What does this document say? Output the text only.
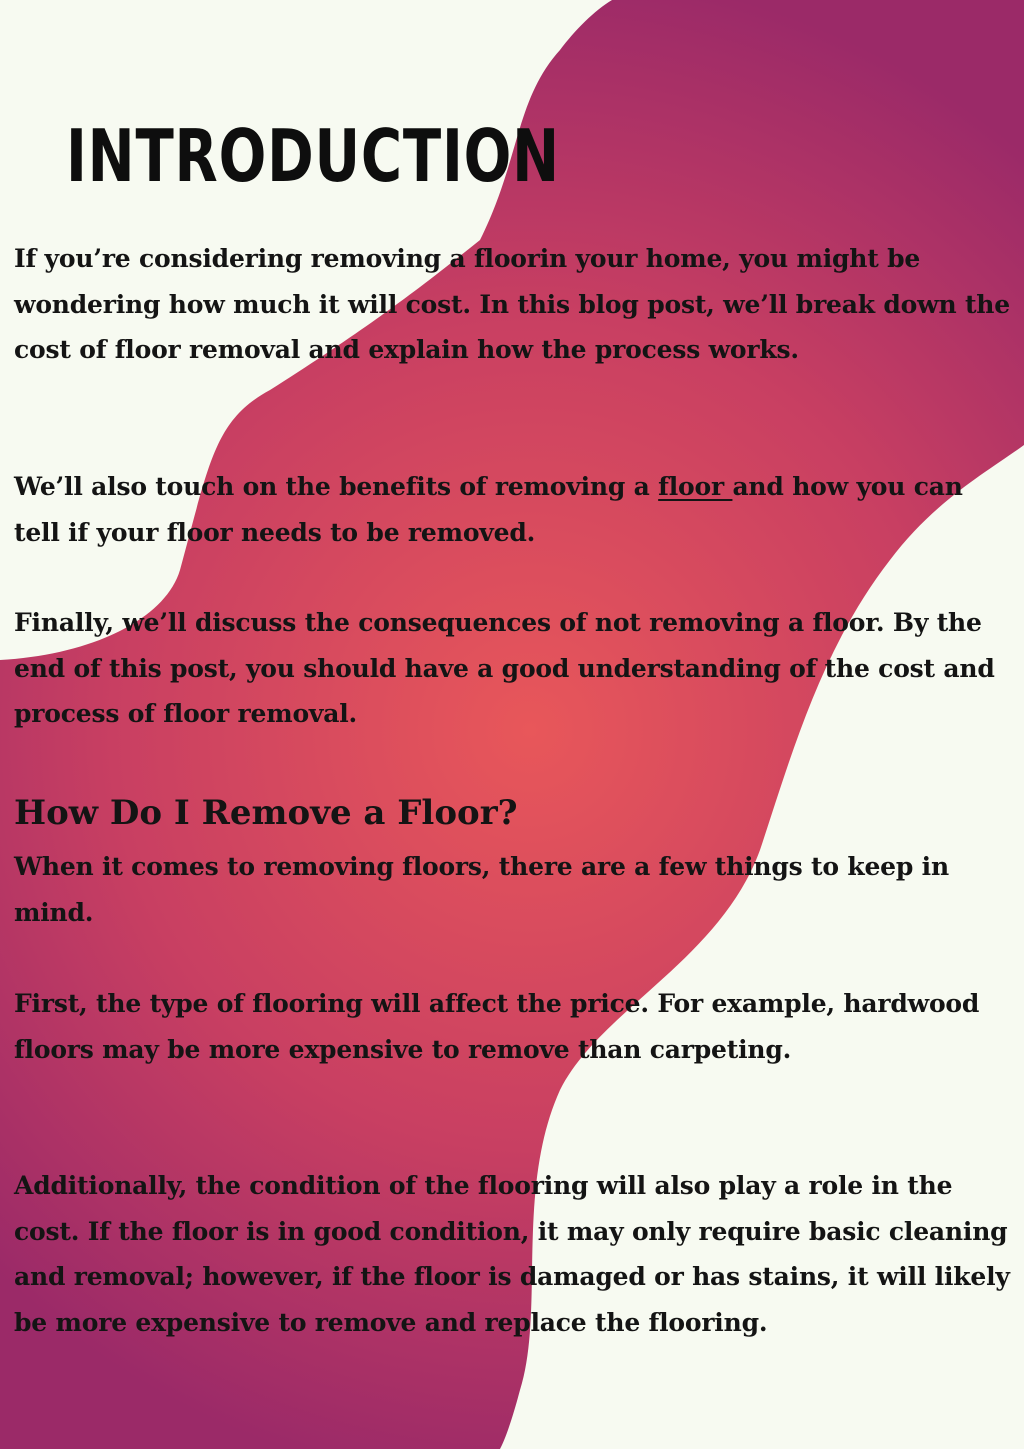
INTRODUCTION

If you’re considering removing a floorin your home, you might be wondering how much it will cost. In this blog post, we’ll break down the cost of floor removal and explain how the process works.

We’ll also touch on the benefits of removing a floor and how you can tell if your floor needs to be removed.

Finally, we’ll discuss the consequences of not removing a floor. By the end of this post, you should have a good understanding of the cost and process of floor removal.

How Do I Remove a Floor?

When it comes to removing floors, there are a few things to keep in mind.

First, the type of flooring will affect the price. For example, hardwood floors may be more expensive to remove than carpeting.

Additionally, the condition of the flooring will also play a role in the cost. If the floor is in good condition, it may only require basic cleaning and removal; however, if the floor is damaged or has stains, it will likely be more expensive to remove and replace the flooring.
